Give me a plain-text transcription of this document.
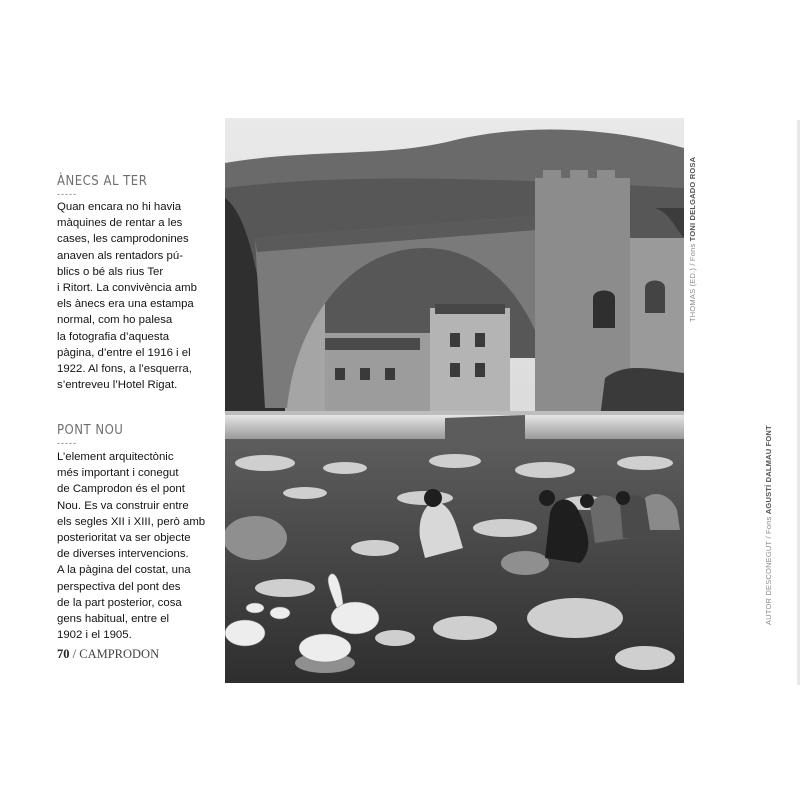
ÀNECS AL TER
-----
Quan encara no hi havia
màquines de rentar a les
cases, les camprodonines
anaven als rentadors pú-
blics o bé als rius Ter
i Ritort. La convivència amb
els ànecs era una estampa
normal, com ho palesa
la fotografia d’aquesta
pàgina, d’entre el 1916 i el
1922. Al fons, a l’esquerra,
s’entreveu l’Hotel Rigat.
PONT NOU
-----
L’element arquitectònic
més important i conegut
de Camprodon és el pont
Nou. Es va construir entre
els segles XII i XIII, però amb
posterioritat va ser objecte
de diverses intervencions.
A la pàgina del costat, una
perspectiva del pont des
de la part posterior, cosa
gens habitual, entre el
1902 i el 1905.
70 / CAMPRODON
THOMAS (ED.) / Fons TONI DELGADO ROSA
AUTOR DESCONEGUT / Fons AGUSTÍ DALMAU FONT
